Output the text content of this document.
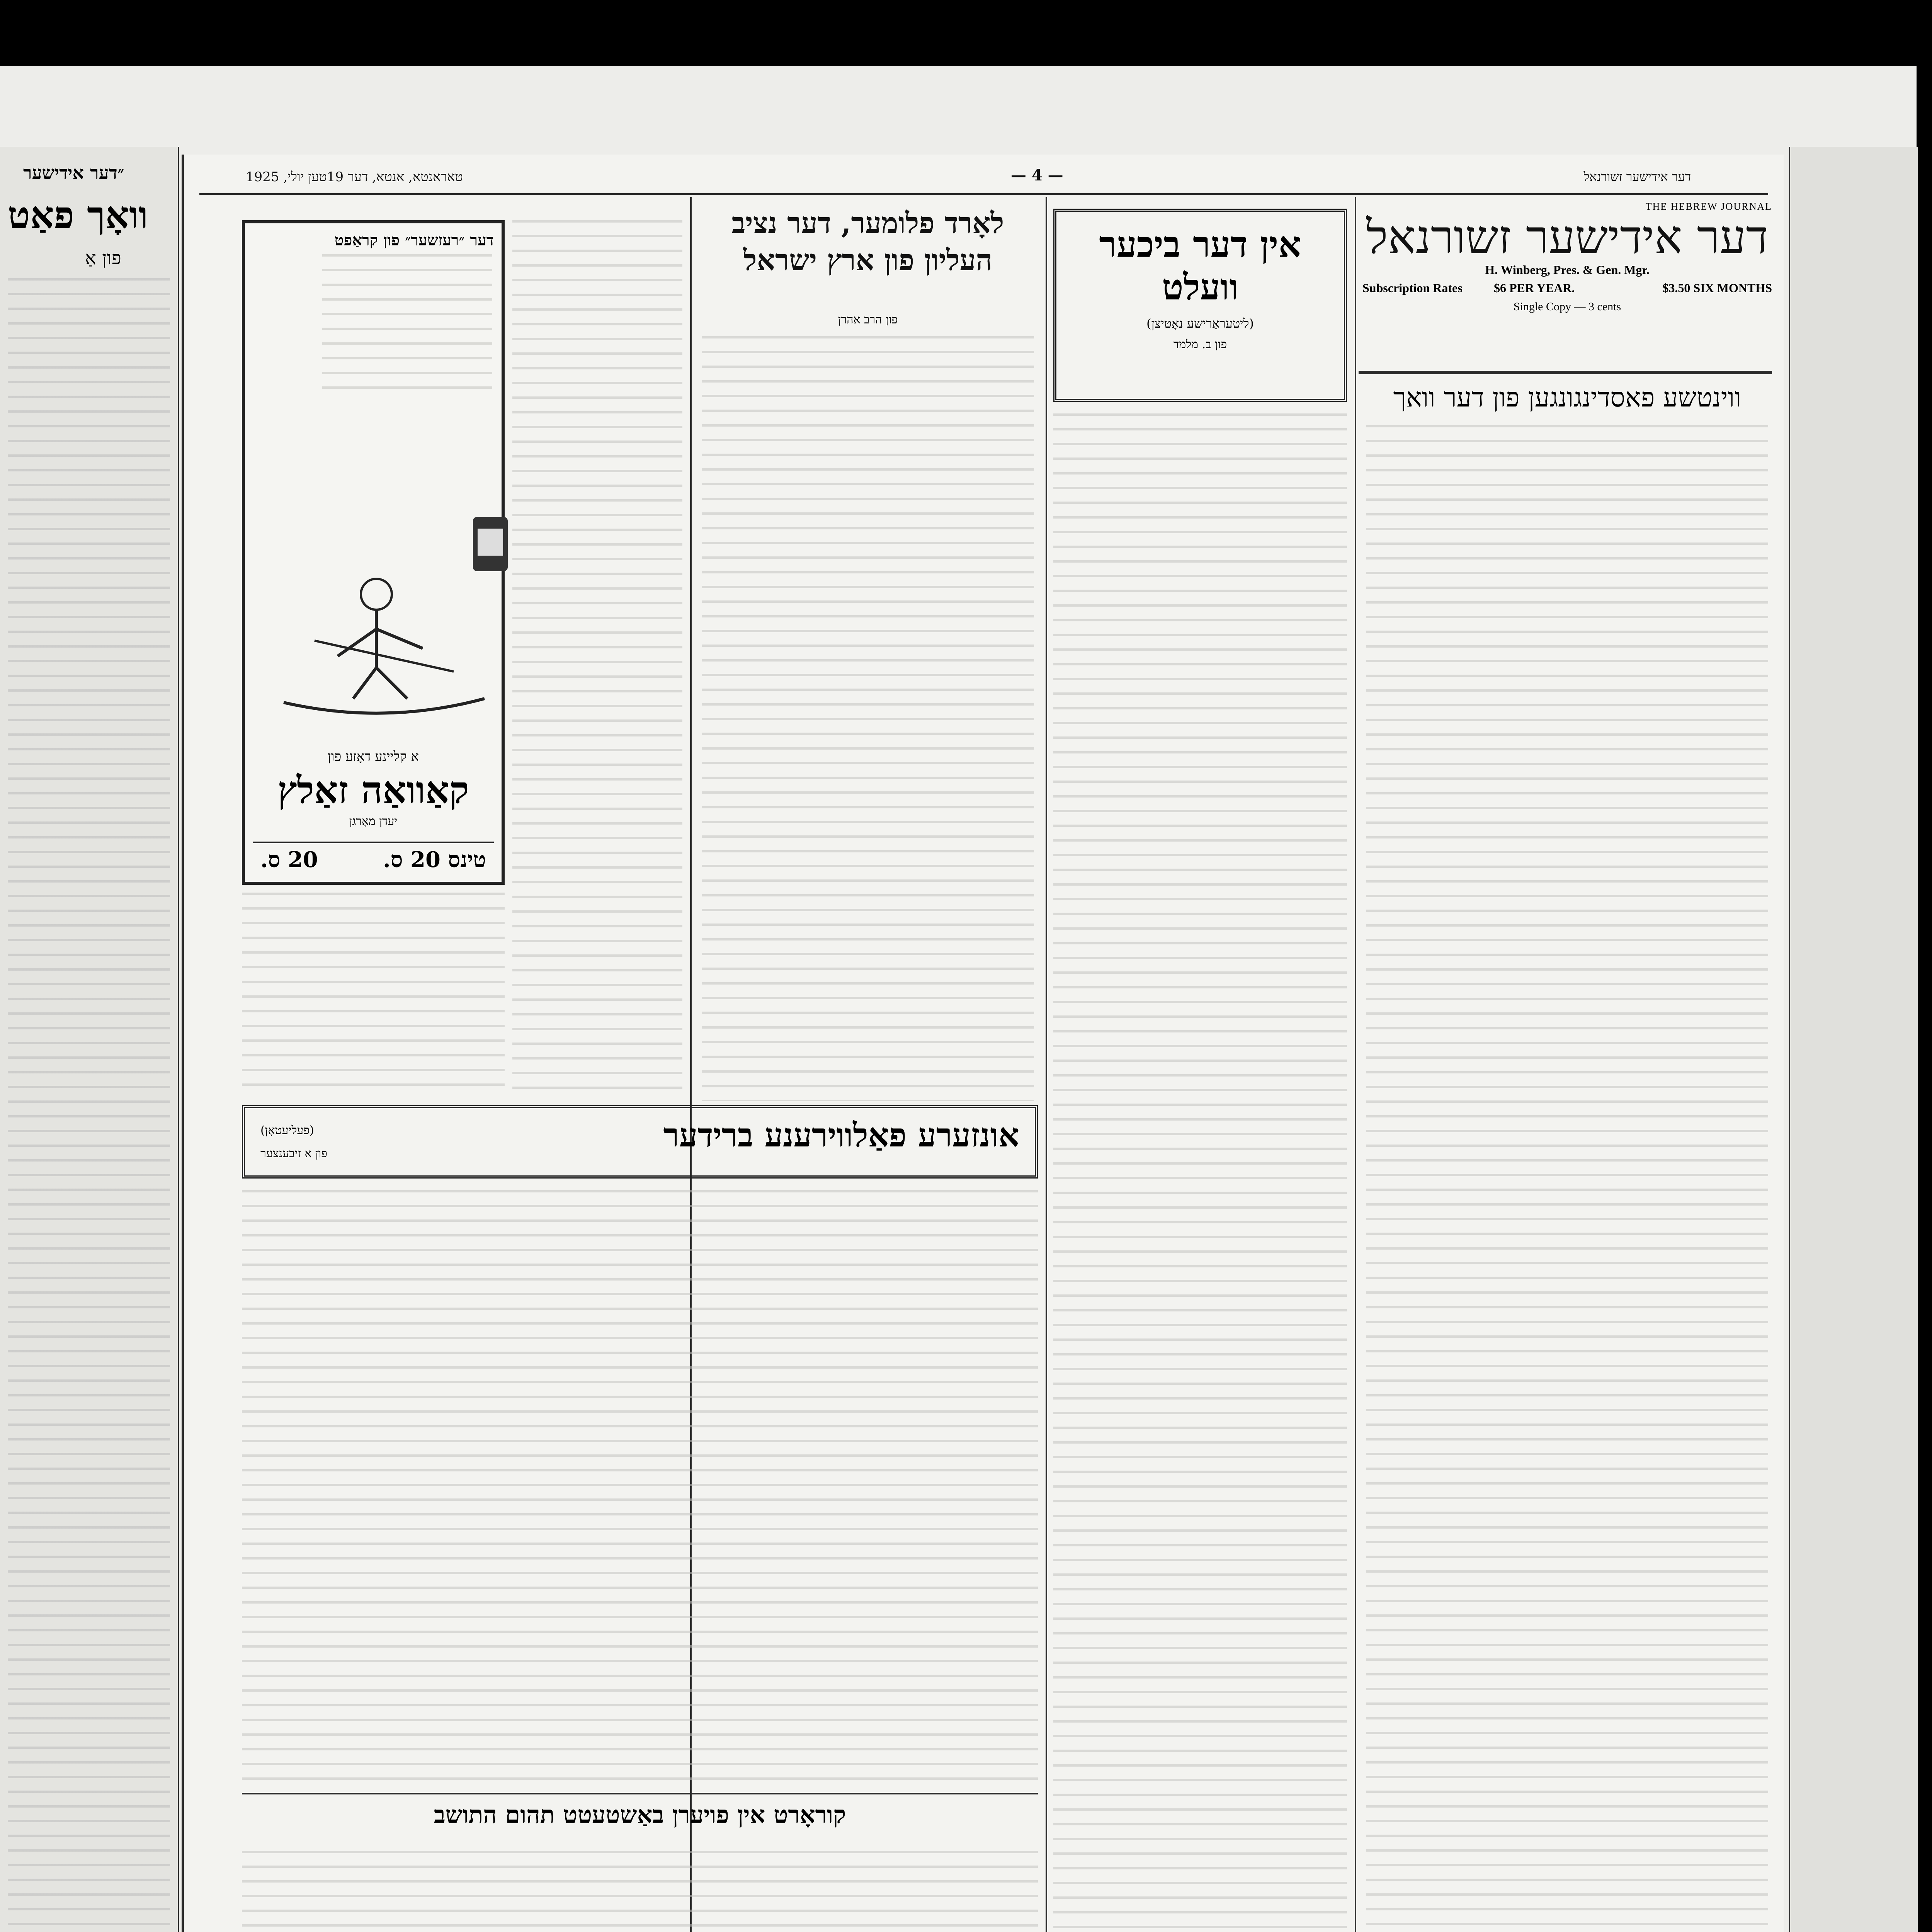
״דער אידישער
וואָך פאַט
פון אַ
טאראנטא, אנטא, דער 19טען יולי, 1925	— 4 —	דער אידישער זשורנאל
THE HEBREW JOURNAL
דער אידישער זשורנאל
H. Winberg, Pres. & Gen. Mgr.
Subscription Rates	$6 PER YEAR.	$3.50 SIX MONTHS
Single Copy — 3 cents
ווינטשע פאסדינגונגען פון דער וואך
אין דער ביכער וועלט
(ליטעראַרישע נאָטיצן)
פון ב. מלמד
לאָרד פלומער, דער נציב העליון פון ארץ ישראל
פון הרב אהרן
דער ״רעזשער״ פון קראַפט
א קליינע דאָזע פון
קאַוואַה זאַלץ
יעדן מאָרגן
20 ס.	טינס 20 ס.
אונזערע פאַלווירענע ברידער
(פעליעטאָן)
פון א זיבענצער
קוראָרט אין פויערן באַשטעטט תהום התושב
